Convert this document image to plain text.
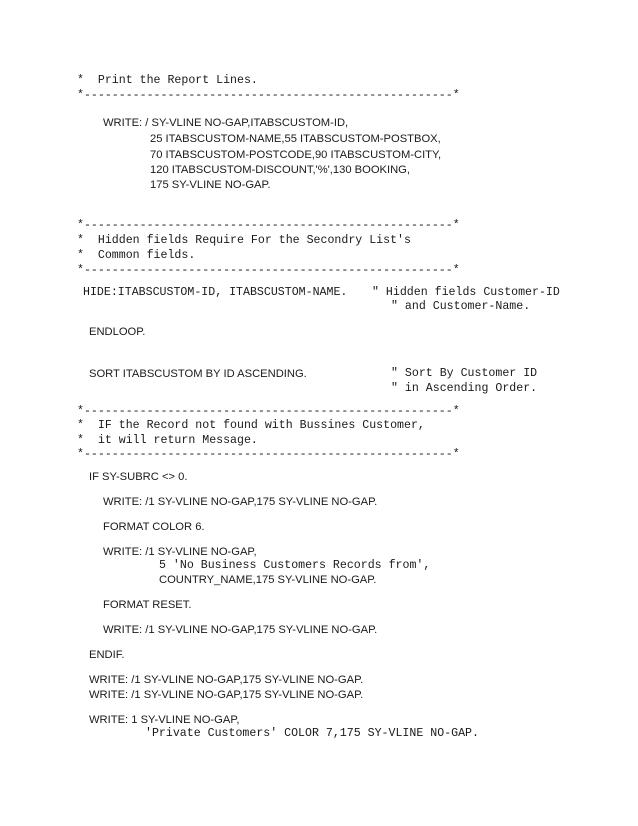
*  Print the Report Lines.
*-----------------------------------------------------*
WRITE: / SY-VLINE NO-GAP,ITABSCUSTOM-ID,
25 ITABSCUSTOM-NAME,55 ITABSCUSTOM-POSTBOX,
70 ITABSCUSTOM-POSTCODE,90 ITABSCUSTOM-CITY,
120 ITABSCUSTOM-DISCOUNT,'%',130 BOOKING,
175 SY-VLINE NO-GAP.
*-----------------------------------------------------*
*  Hidden fields Require For the Secondry List's
*  Common fields.
*-----------------------------------------------------*
HIDE:ITABSCUSTOM-ID, ITABSCUSTOM-NAME. " Hidden fields Customer-ID
" and Customer-Name.
ENDLOOP.
SORT ITABSCUSTOM BY ID ASCENDING.	" Sort By Customer ID
" in Ascending Order.
*-----------------------------------------------------*
*  IF the Record not found with Bussines Customer,
*  it will return Message.
*-----------------------------------------------------*
IF SY-SUBRC <> 0.
WRITE: /1 SY-VLINE NO-GAP,175 SY-VLINE NO-GAP.
FORMAT COLOR 6.
WRITE: /1 SY-VLINE NO-GAP,
5 'No Business Customers Records from',
COUNTRY_NAME,175 SY-VLINE NO-GAP.
FORMAT RESET.
WRITE: /1 SY-VLINE NO-GAP,175 SY-VLINE NO-GAP.
ENDIF.
WRITE: /1 SY-VLINE NO-GAP,175 SY-VLINE NO-GAP.
WRITE: /1 SY-VLINE NO-GAP,175 SY-VLINE NO-GAP.
WRITE: 1 SY-VLINE NO-GAP,
'Private Customers' COLOR 7,175 SY-VLINE NO-GAP.
